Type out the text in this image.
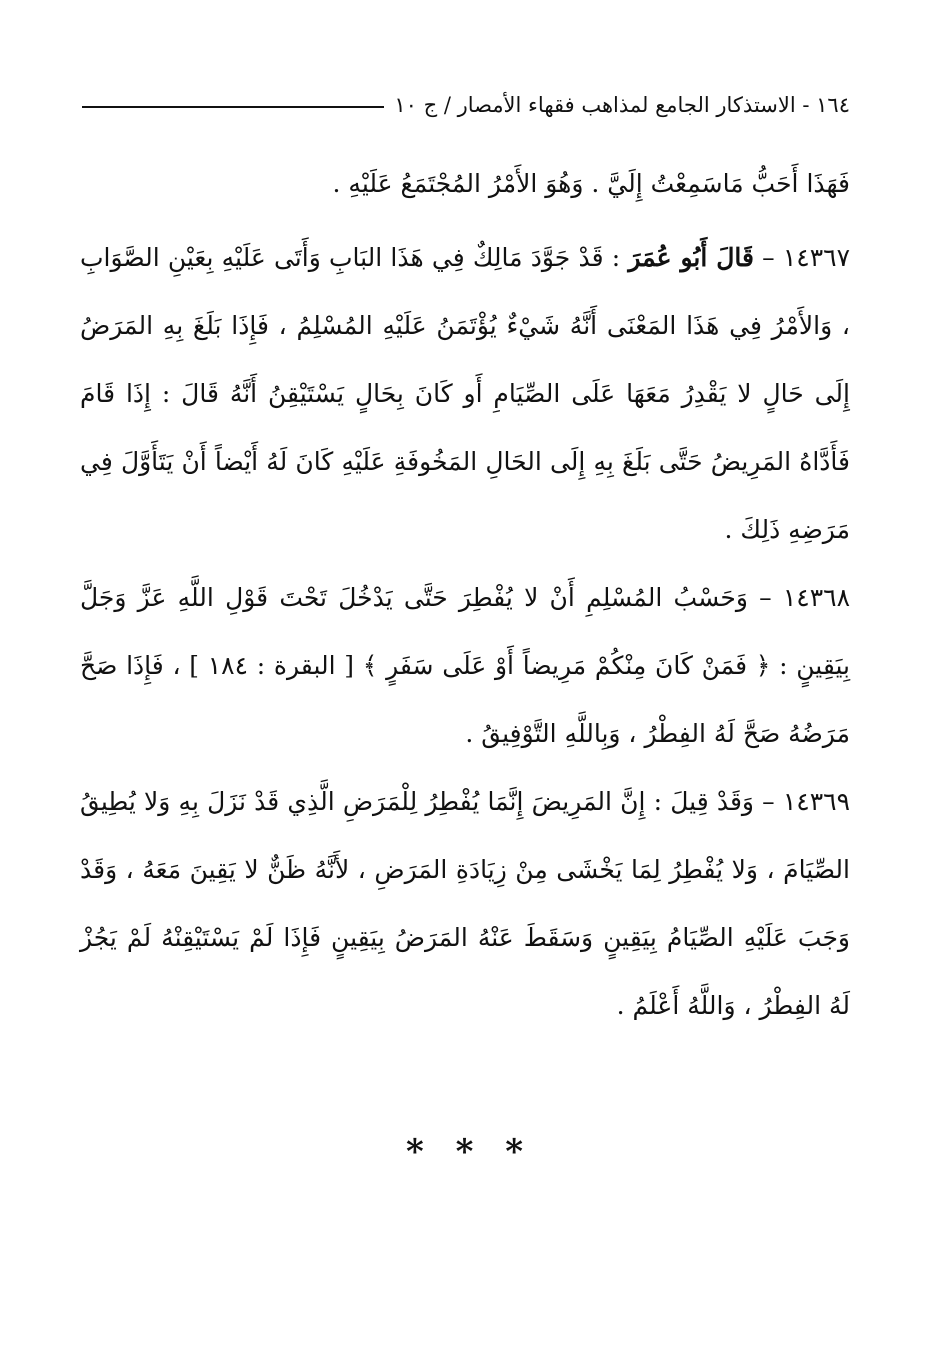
١٦٤ - الاستذكار الجامع لمذاهب فقهاء الأمصار / ج ١٠

فَهَذَا أَحَبُّ مَاسَمِعْتُ إِلَيَّ . وَهُوَ الأَمْرُ المُجْتَمَعُ عَلَيْهِ .

١٤٣٦٧ – قَالَ أَبُو عُمَرَ : قَدْ جَوَّدَ مَالِكٌ فِي هَذَا البَابِ وَأَتَى عَلَيْهِ بِعَيْنِ الصَّوَابِ ، وَالأَمْرُ فِي هَذَا المَعْنَى أَنَّهُ شَيْءٌ يُؤْتَمَنُ عَلَيْهِ المُسْلِمُ ، فَإِذَا بَلَغَ بِهِ المَرَضُ إِلَى حَالٍ لا يَقْدِرُ مَعَهَا عَلَى الصِّيَامِ أَو كَانَ بِحَالٍ يَسْتَيْقِنُ أَنَّهُ قَالَ : إِذَا قَامَ فَأَدَّاهُ المَرِيضُ حَتَّى بَلَغَ بِهِ إِلَى الحَالِ المَخُوفَةِ عَلَيْهِ كَانَ لَهُ أَيْضاً أَنْ يَتَأَوَّلَ فِي مَرَضِهِ ذَلِكَ .

١٤٣٦٨ – وَحَسْبُ المُسْلِمِ أَنْ لا يُفْطِرَ حَتَّى يَدْخُلَ تَحْتَ قَوْلِ اللَّهِ عَزَّ وَجَلَّ بِيَقِينٍ : ﴿ فَمَنْ كَانَ مِنْكُمْ مَرِيضاً أَوْ عَلَى سَفَرٍ ﴾ [ البقرة : ١٨٤ ] ، فَإِذَا صَحَّ مَرَضُهُ صَحَّ لَهُ الفِطْرُ ، وَبِاللَّهِ التَّوْفِيقُ .

١٤٣٦٩ – وَقَدْ قِيلَ : إِنَّ المَرِيضَ إِنَّمَا يُفْطِرُ لِلْمَرَضِ الَّذِي قَدْ نَزَلَ بِهِ وَلا يُطِيقُ الصِّيَامَ ، وَلا يُفْطِرُ لِمَا يَخْشَى مِنْ زِيَادَةِ المَرَضِ ، لأَنَّهُ ظَنٌّ لا يَقِينَ مَعَهُ ، وَقَدْ وَجَبَ عَلَيْهِ الصِّيَامُ بِيَقِينٍ وَسَقَطَ عَنْهُ المَرَضُ بِيَقِينٍ فَإِذَا لَمْ يَسْتَيْقِنْهُ لَمْ يَجُزْ لَهُ الفِطْرُ ، وَاللَّهُ أَعْلَمُ .

* * *
